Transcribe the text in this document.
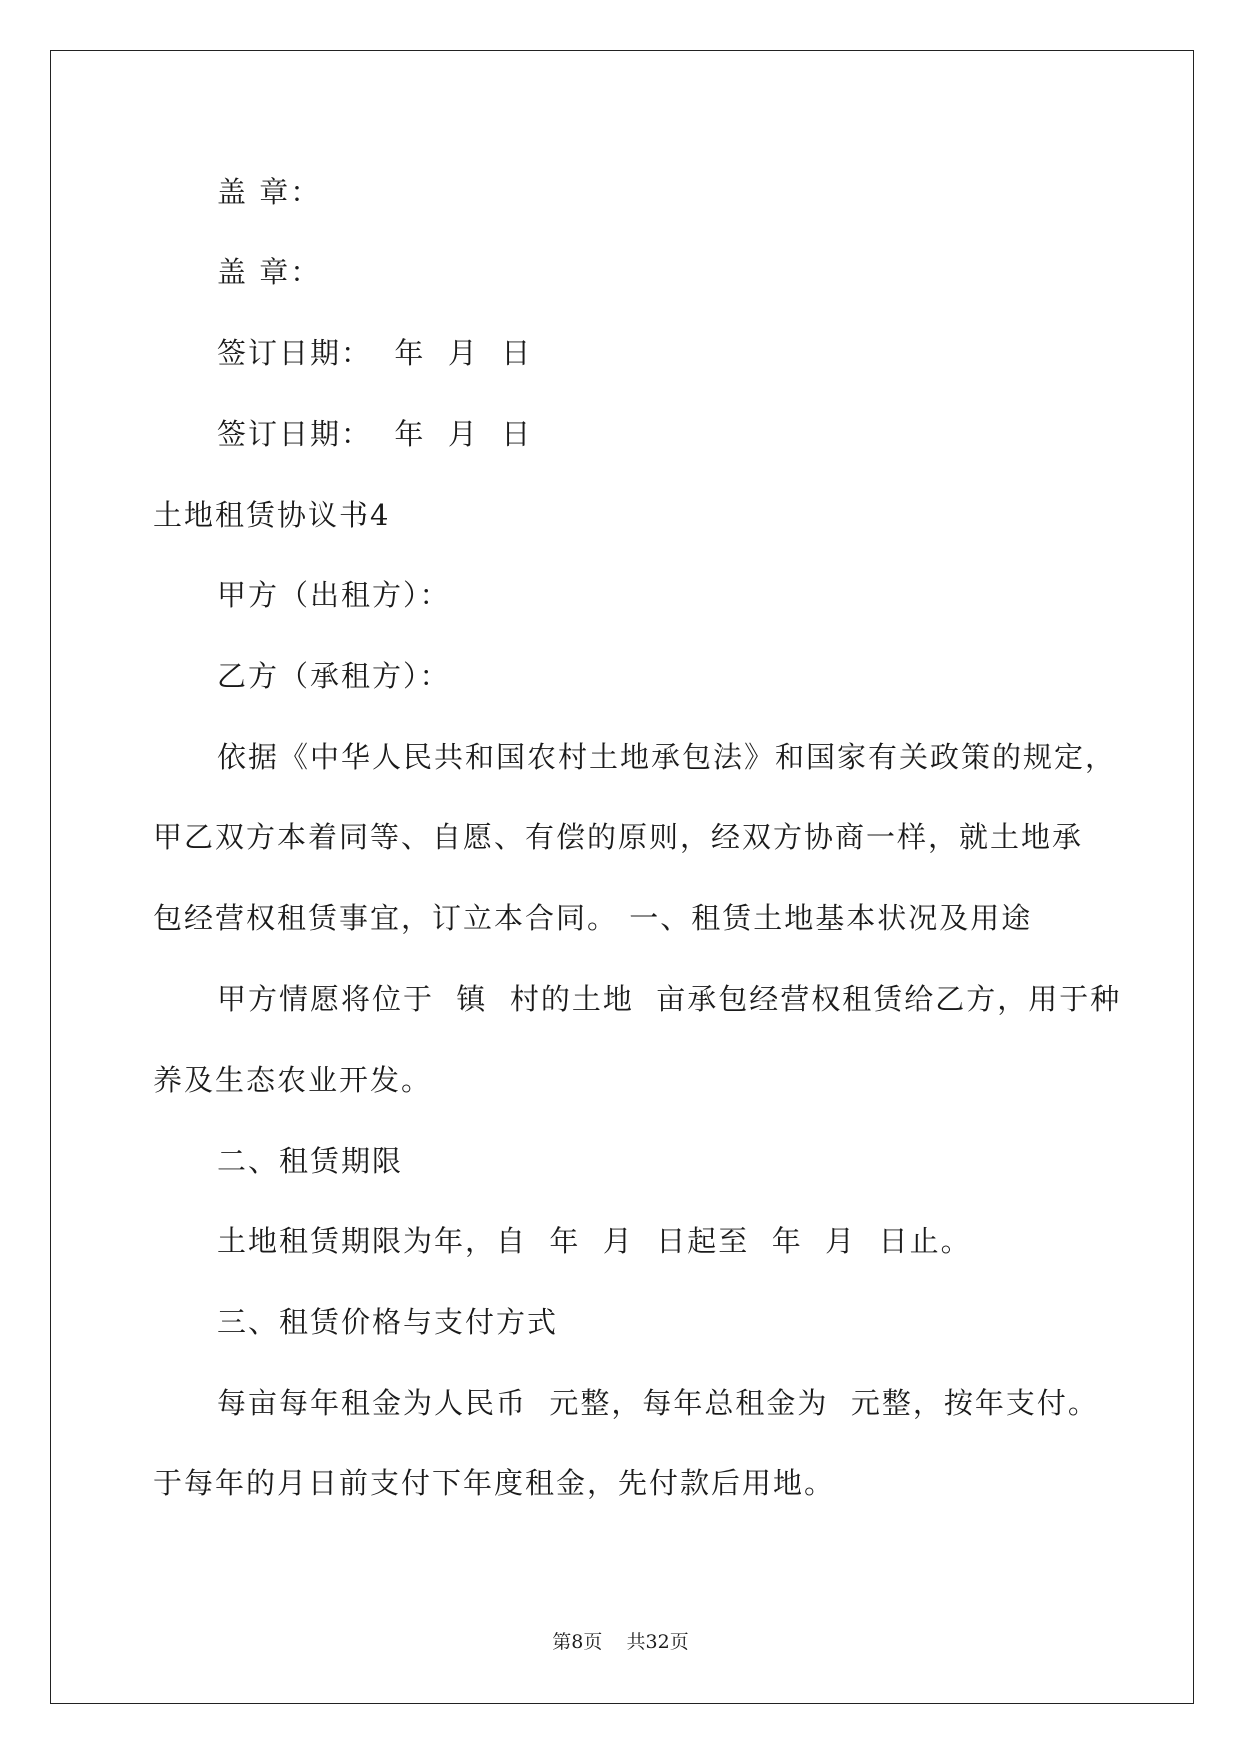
盖 章：
盖 章：
签订日期：  年  月  日
签订日期：  年  月  日
土地租赁协议书4
甲方（出租方）：
乙方（承租方）：
依据《中华人民共和国农村土地承包法》和国家有关政策的规定，
甲乙双方本着同等、自愿、有偿的原则，经双方协商一样，就土地承
包经营权租赁事宜，订立本合同。 一、租赁土地基本状况及用途
甲方情愿将位于  镇  村的土地  亩承包经营权租赁给乙方，用于种
养及生态农业开发。
二、租赁期限
土地租赁期限为年，自  年  月  日起至  年  月  日止。
三、租赁价格与支付方式
每亩每年租金为人民币  元整，每年总租金为  元整，按年支付。
于每年的月日前支付下年度租金，先付款后用地。
第8页    共32页
